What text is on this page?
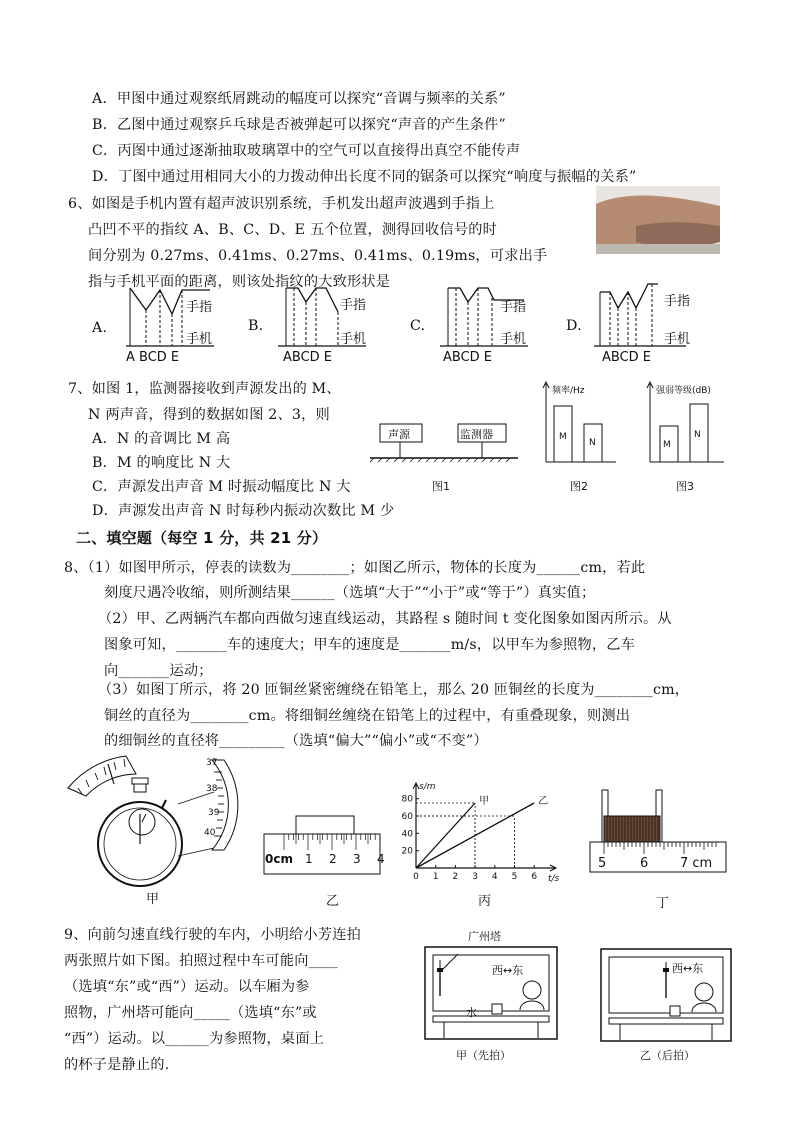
A．甲图中通过观察纸屑跳动的幅度可以探究“音调与频率的关系”
B．乙图中通过观察乒乓球是否被弹起可以探究“声音的产生条件”
C．丙图中通过逐渐抽取玻璃罩中的空气可以直接得出真空不能传声
D．丁图中通过用相同大小的力拨动伸出长度不同的锯条可以探究“响度与振幅的关系”
6、如图是手机内置有超声波识别系统，手机发出超声波遇到手指上
凸凹不平的指纹 A、B、C、D、E 五个位置，测得回收信号的时
间分别为 0.27ms、0.41ms、0.27ms、0.41ms、0.19ms，可求出手
指与手机平面的距离，则该处指纹的大致形状是
A.
手指
手机
A BCD E
B.
手指
手机
ABCD E
C.
手指
手机
ABCD E
D.
手指
手机
ABCD E
7、如图 1，监测器接收到声源发出的 M、
N 两声音，得到的数据如图 2、3，则
A．N 的音调比 M 高
B．M 的响度比 N 大
C．声源发出声音 M 时振动幅度比 N 大
D．声源发出声音 N 时每秒内振动次数比 M 少
声源	监测器
图1
频率/Hz
M
N
图2
强弱等级(dB)
M
N
图3
二、填空题（每空 1 分，共 21 分）
8、（1）如图甲所示，停表的读数为________；如图乙所示，物体的长度为______cm，若此
刻度尺遇冷收缩，则所测结果______（选填“大于”“小于”或“等于”）真实值；
（2）甲、乙两辆汽车都向西做匀速直线运动，其路程 s 随时间 t 变化图象如图丙所示。从
图象可知，_______车的速度大；甲车的速度是_______m/s，以甲车为参照物，乙车
向_______运动；
（3）如图丁所示，将 20 匝铜丝紧密缠绕在铅笔上，那么 20 匝铜丝的长度为________cm，
铜丝的直径为________cm。将细铜丝缠绕在铅笔上的过程中，有重叠现象，则测出
的细铜丝的直径将_________（选填“偏大”“偏小”或“不变”）
37
38
39
40
甲
0cm 1 2 3 4
乙
0 1 2 3 4 5 6
20
40
60
80	甲	乙
s/m
t/s
丙
5	6 7 cm
丁
9、向前匀速直线行驶的车内，小明给小芳连拍
两张照片如下图。拍照过程中车可能向____
（选填“东”或“西”）运动。以车厢为参
照物，广州塔可能向_____（选填“东”或
“西”）运动。以______为参照物，桌面上
的杯子是静止的.
广州塔
西↔东
水
甲（先拍）
西↔东
乙（后拍）
